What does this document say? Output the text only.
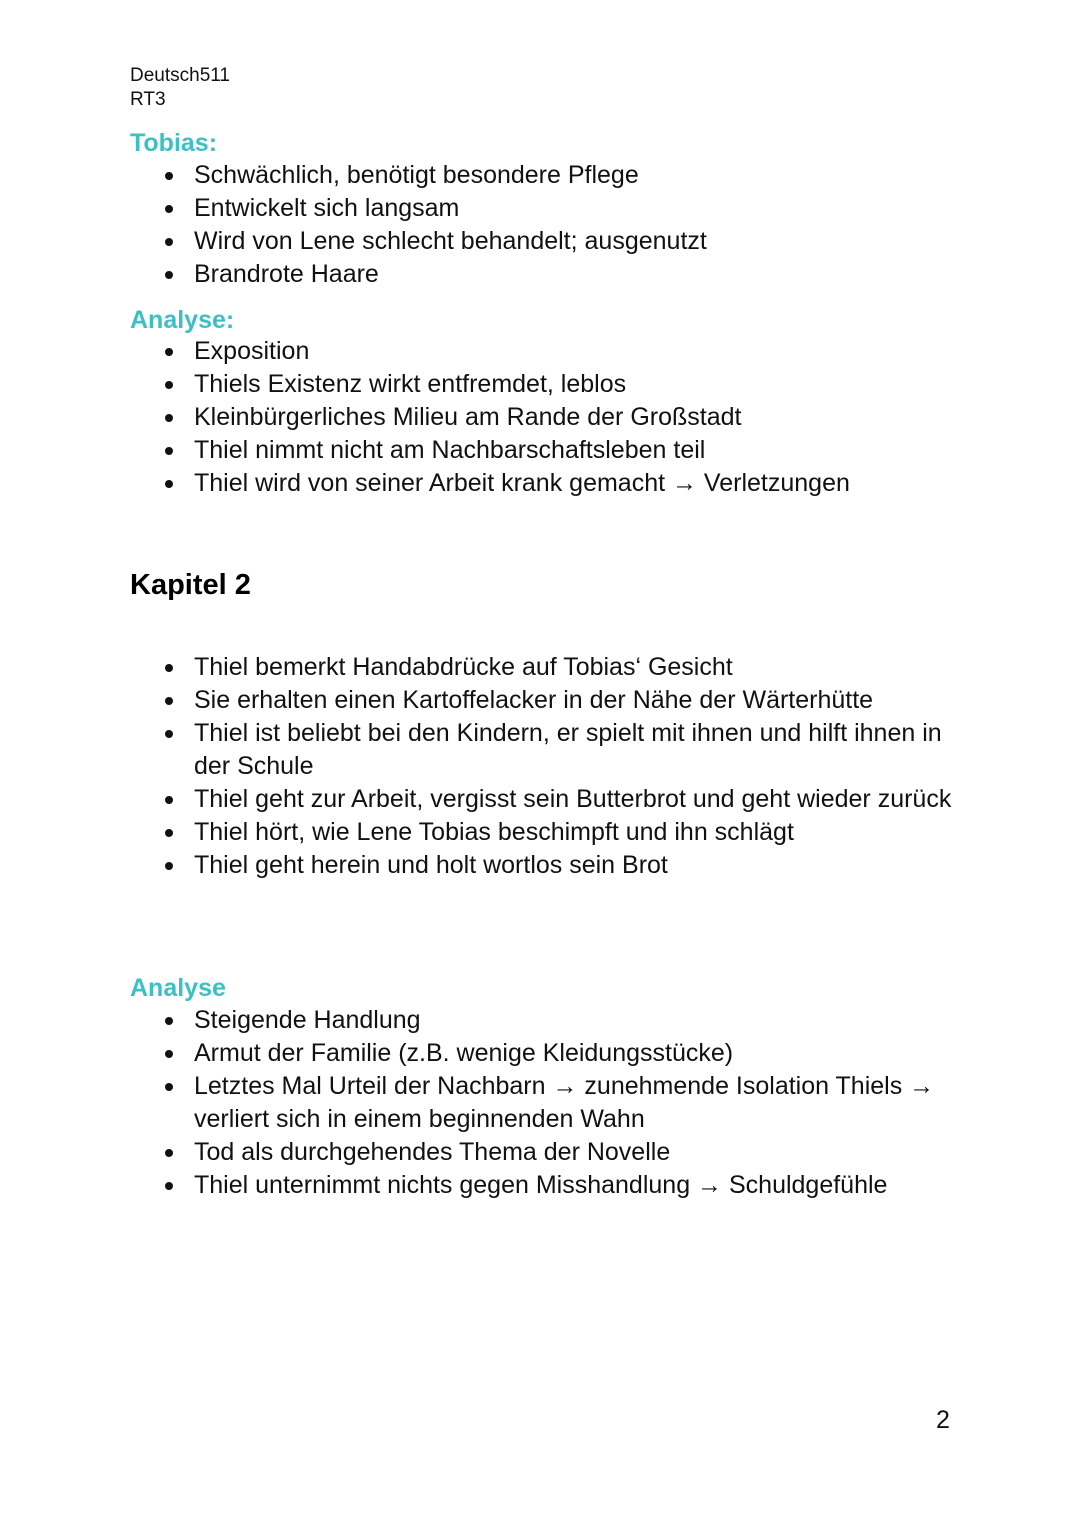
Deutsch511
RT3
Tobias:
Schwächlich, benötigt besondere Pflege
Entwickelt sich langsam
Wird von Lene schlecht behandelt; ausgenutzt
Brandrote Haare
Analyse:
Exposition
Thiels Existenz wirkt entfremdet, leblos
Kleinbürgerliches Milieu am Rande der Großstadt
Thiel nimmt nicht am Nachbarschaftsleben teil
Thiel wird von seiner Arbeit krank gemacht → Verletzungen
Kapitel 2
Thiel bemerkt Handabdrücke auf Tobias‘ Gesicht
Sie erhalten einen Kartoffelacker in der Nähe der Wärterhütte
Thiel ist beliebt bei den Kindern, er spielt mit ihnen und hilft ihnen in der Schule
Thiel geht zur Arbeit, vergisst sein Butterbrot und geht wieder zurück
Thiel hört, wie Lene Tobias beschimpft und ihn schlägt
Thiel geht herein und holt wortlos sein Brot
Analyse
Steigende Handlung
Armut der Familie (z.B. wenige Kleidungsstücke)
Letztes Mal Urteil der Nachbarn → zunehmende Isolation Thiels → verliert sich in einem beginnenden Wahn
Tod als durchgehendes Thema der Novelle
Thiel unternimmt nichts gegen Misshandlung → Schuldgefühle
2
